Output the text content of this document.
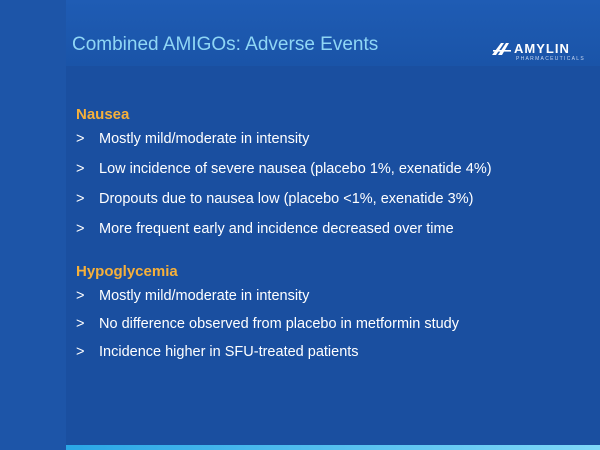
Combined AMIGOs: Adverse Events	AMYLIN
PHARMACEUTICALS
Nausea
> Mostly mild/moderate in intensity
> Low incidence of severe nausea (placebo 1%, exenatide 4%)
> Dropouts due to nausea low (placebo <1%, exenatide 3%)
> More frequent early and incidence decreased over time
Hypoglycemia
> Mostly mild/moderate in intensity
> No difference observed from placebo in metformin study
> Incidence higher in SFU-treated patients
